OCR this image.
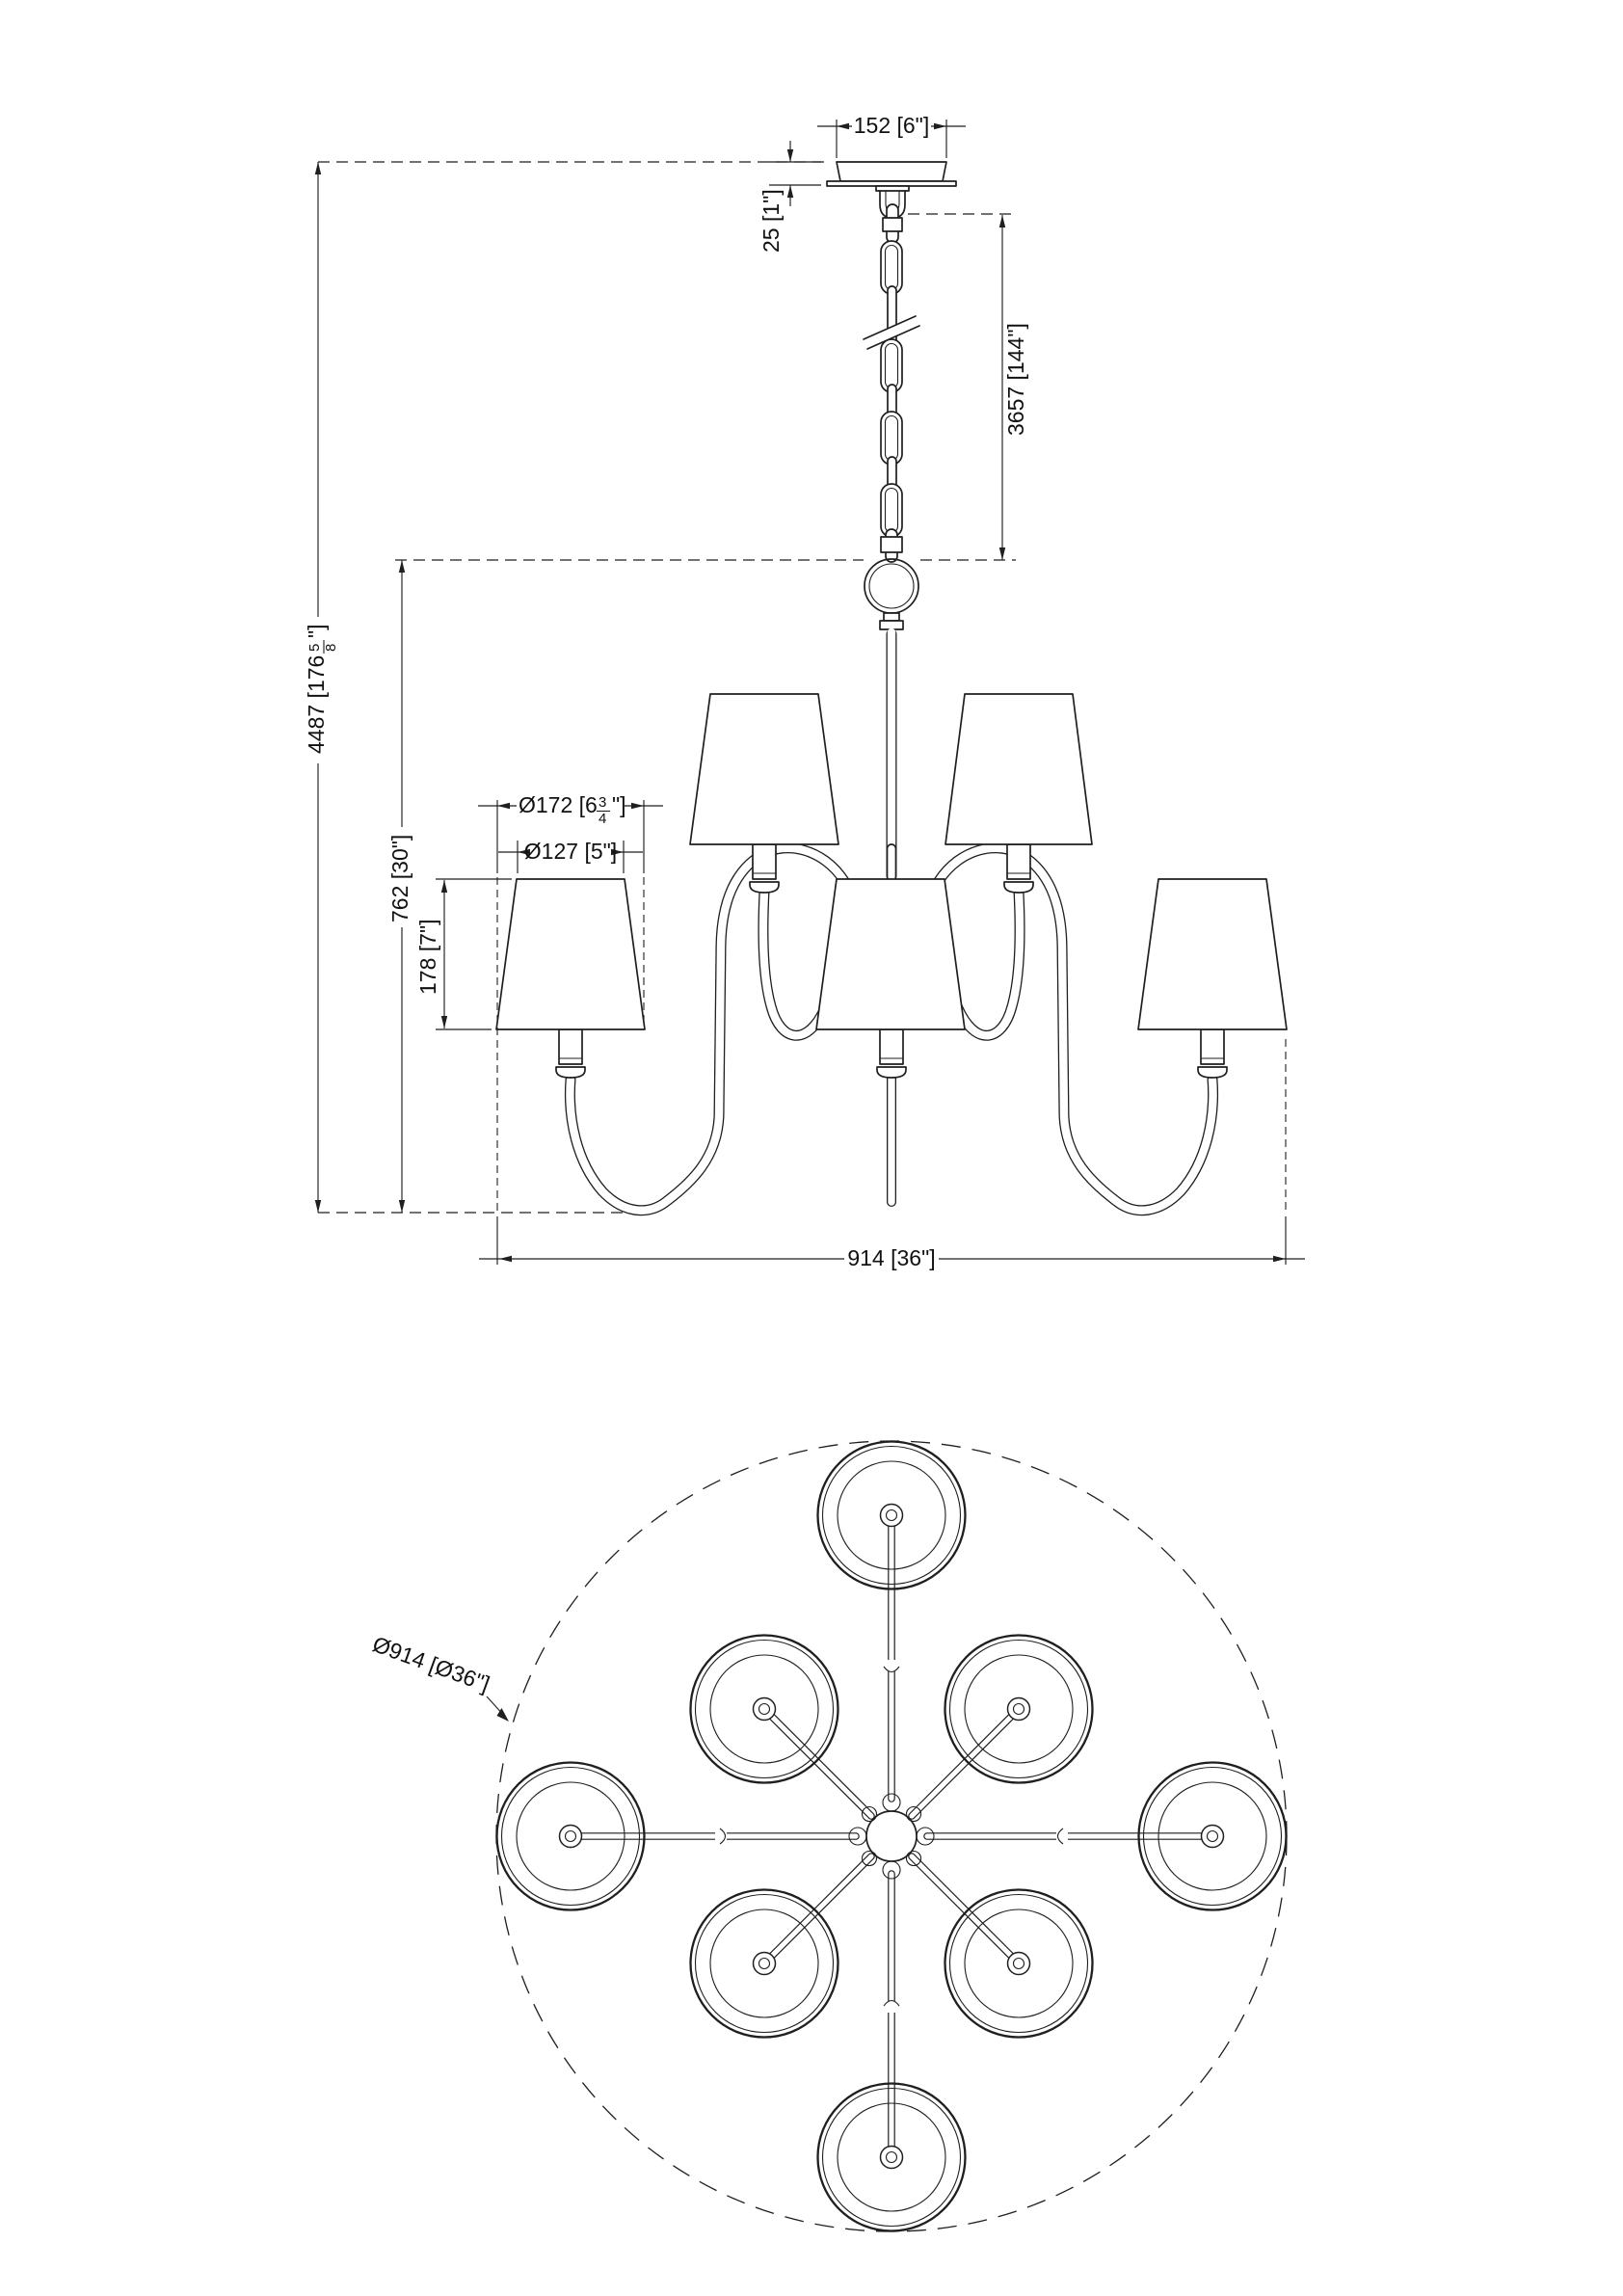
152 [6"]
25 [1"]
3657 [144"]
4487 [176
5 8
"]
762 [30"]
Ø172 [6 3
4
"]
Ø127 [5"]
178 [7"]
914 [36"]
Ø914 [Ø36"]
